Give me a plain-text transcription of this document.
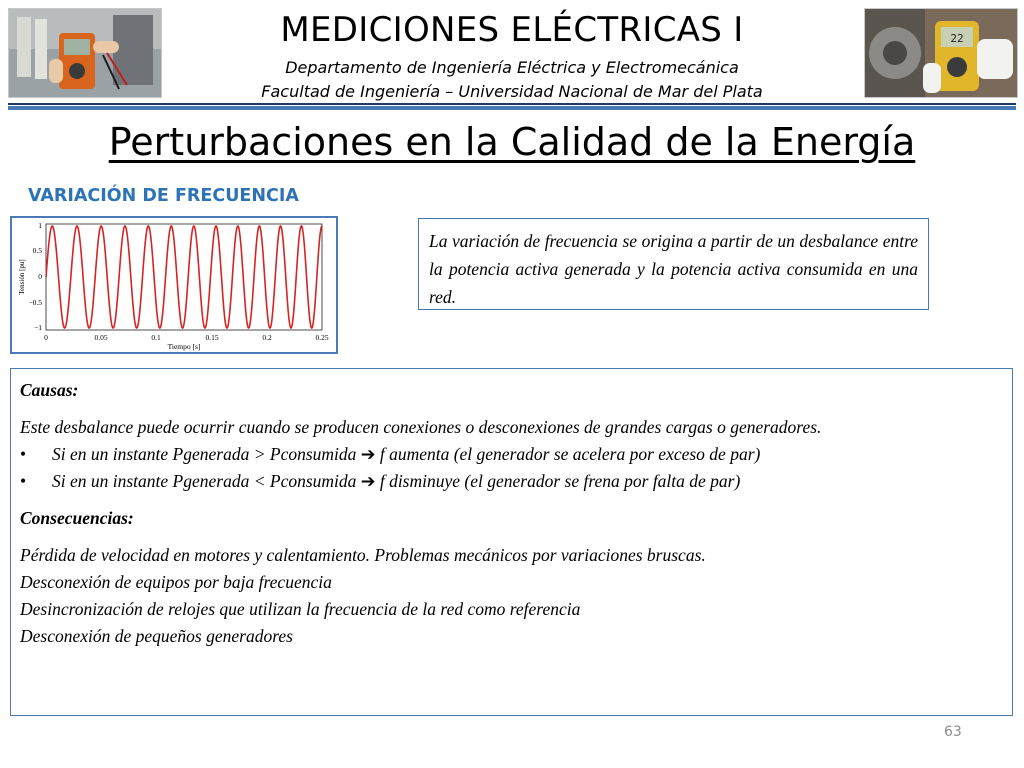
22
MEDICIONES ELÉCTRICAS I
Departamento de Ingeniería Eléctrica y Electromecánica
Facultad de Ingeniería – Universidad Nacional de Mar del Plata
Perturbaciones en la Calidad de la Energía
VARIACIÓN DE FRECUENCIA
1
0.5
0
−0.5
−1
0	0.05	0.1	0.15	0.2	0.25
Tiempo [s]
Tensión [pu]
La variación de frecuencia se origina a partir de un desbalance entre la potencia activa generada y la potencia activa consumida en una red.

Causas:

Este desbalance puede ocurrir cuando se producen conexiones o desconexiones de grandes cargas o generadores.

• Si en un instante Pgenerada > Pconsumida ➔ f aumenta (el generador se acelera por exceso de par)

• Si en un instante Pgenerada < Pconsumida ➔ f disminuye (el generador se frena por falta de par)

Consecuencias:

Pérdida de velocidad en motores y calentamiento. Problemas mecánicos por variaciones bruscas.

Desconexión de equipos por baja frecuencia

Desincronización de relojes que utilizan la frecuencia de la red como referencia

Desconexión de pequeños generadores

63
